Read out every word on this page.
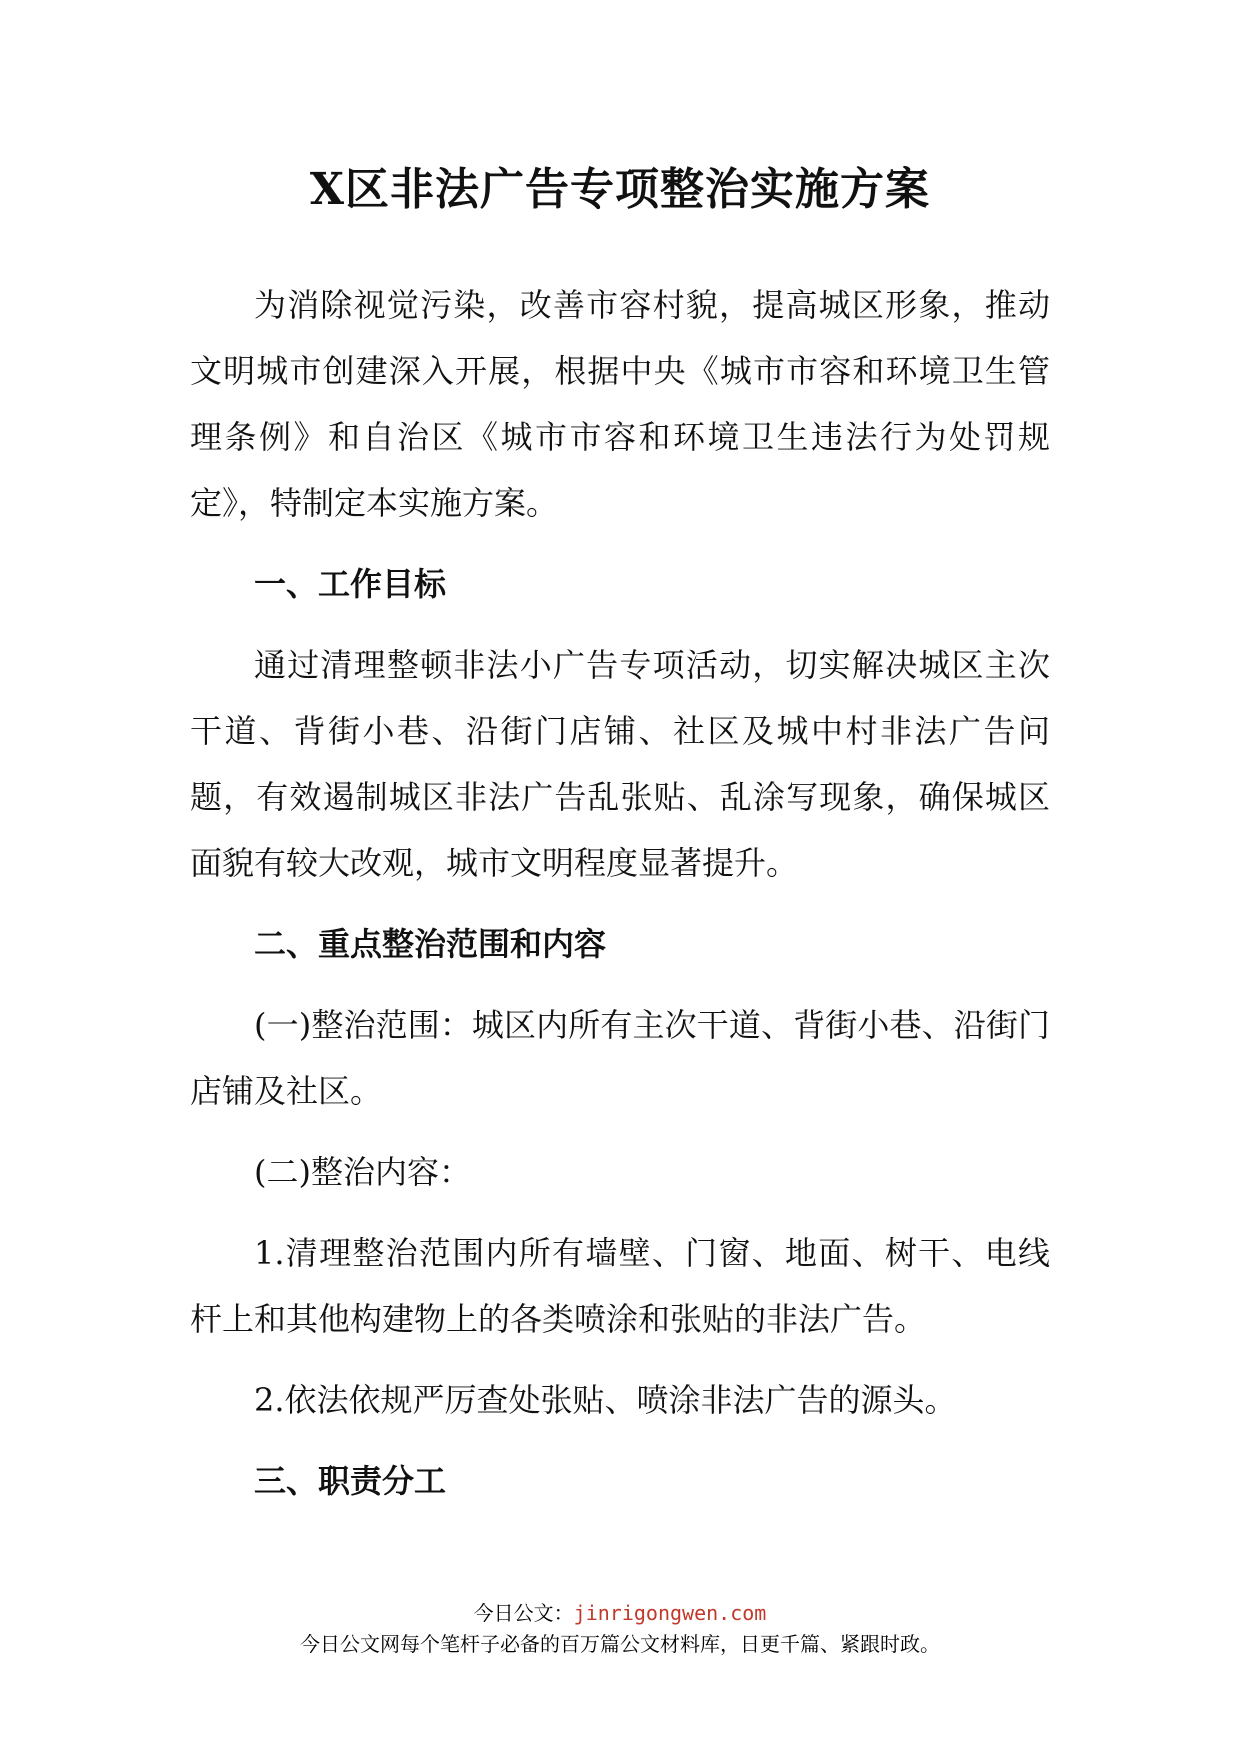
X区非法广告专项整治实施方案

为消除视觉污染，改善市容村貌，提高城区形象，推动文明城市创建深入开展，根据中央《城市市容和环境卫生管理条例》和自治区《城市市容和环境卫生违法行为处罚规定》，特制定本实施方案。

一、工作目标

通过清理整顿非法小广告专项活动，切实解决城区主次干道、背街小巷、沿街门店铺、社区及城中村非法广告问题，有效遏制城区非法广告乱张贴、乱涂写现象，确保城区面貌有较大改观，城市文明程度显著提升。

二、重点整治范围和内容

(一)整治范围：城区内所有主次干道、背街小巷、沿街门店铺及社区。

(二)整治内容：

1.清理整治范围内所有墙壁、门窗、地面、树干、电线杆上和其他构建物上的各类喷涂和张贴的非法广告。

2.依法依规严厉查处张贴、喷涂非法广告的源头。

三、职责分工

今日公文：jinrigongwen.com
今日公文网每个笔杆子必备的百万篇公文材料库，日更千篇、紧跟时政。
